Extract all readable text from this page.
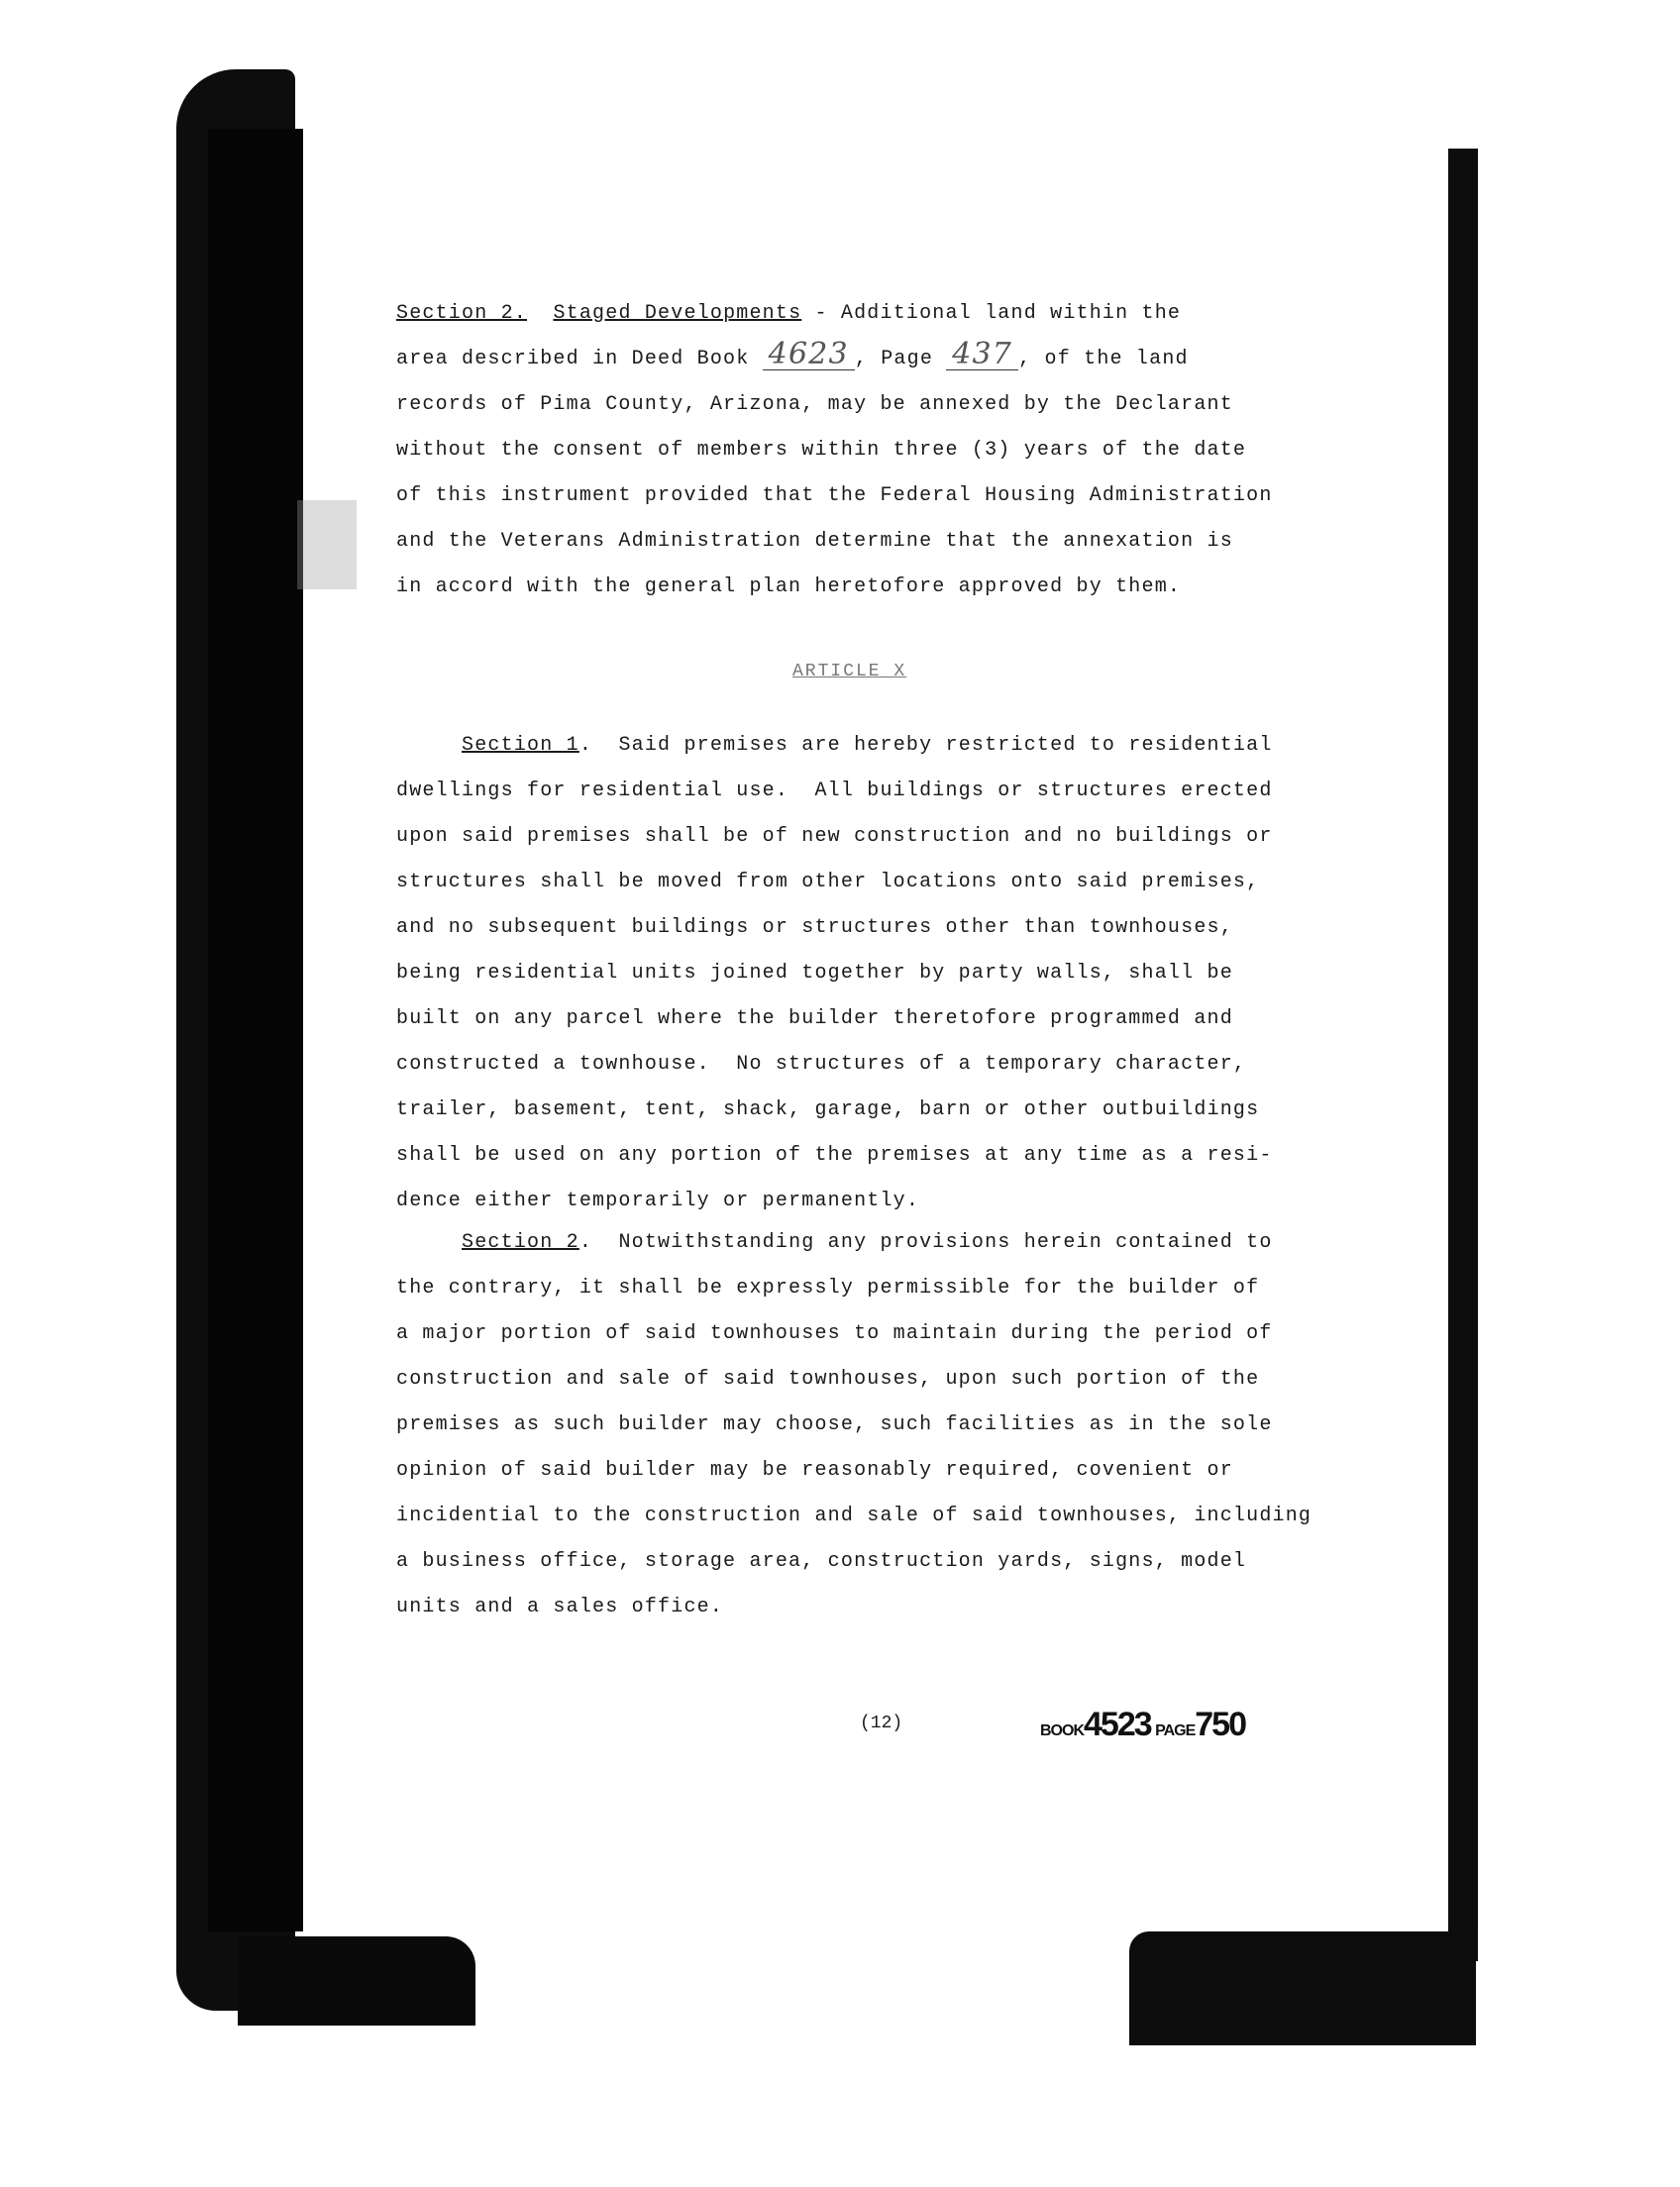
Section 2. Staged Developments - Additional land within the
area described in Deed Book 4623 , Page 437 , of the land
records of Pima County, Arizona, may be annexed by the Declarant
without the consent of members within three (3) years of the date
of this instrument provided that the Federal Housing Administration
and the Veterans Administration determine that the annexation is
in accord with the general plan heretofore approved by them.
ARTICLE X
Section 1.  Said premises are hereby restricted to residential
dwellings for residential use.  All buildings or structures erected
upon said premises shall be of new construction and no buildings or
structures shall be moved from other locations onto said premises,
and no subsequent buildings or structures other than townhouses,
being residential units joined together by party walls, shall be
built on any parcel where the builder theretofore programmed and
constructed a townhouse.  No structures of a temporary character,
trailer, basement, tent, shack, garage, barn or other outbuildings
shall be used on any portion of the premises at any time as a resi-
dence either temporarily or permanently.
Section 2.  Notwithstanding any provisions herein contained to
the contrary, it shall be expressly permissible for the builder of
a major portion of said townhouses to maintain during the period of
construction and sale of said townhouses, upon such portion of the
premises as such builder may choose, such facilities as in the sole
opinion of said builder may be reasonably required, covenient or
incidential to the construction and sale of said townhouses, including
a business office, storage area, construction yards, signs, model
units and a sales office.
(12)	BOOK4523 PAGE750
